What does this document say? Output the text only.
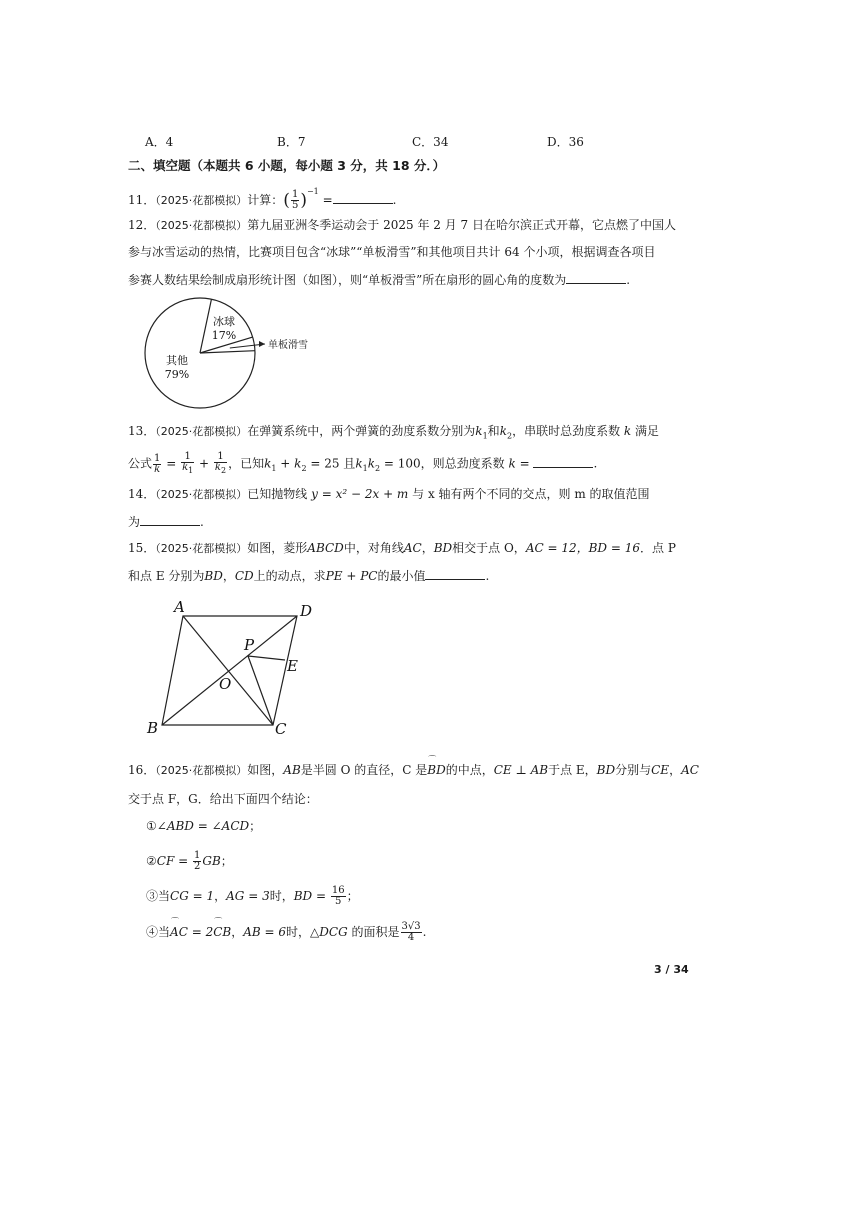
A．4	B．7	C．34	D．36
二、填空题（本题共 6 小题，每小题 3 分，共 18 分．）
11．（2025·花都模拟）计算：( $\frac{1}{5} )^{-1}$ =	.
12．（2025·花都模拟）第九届亚洲冬季运动会于 2025 年 2 月 7 日在哈尔滨正式开幕，它点燃了中国人
参与冰雪运动的热情，比赛项目包含“冰球”“单板滑雪”和其他项目共计 64 个小项，根据调查各项目
参赛人数结果绘制成扇形统计图（如图），则“单板滑雪”所在扇形的圆心角的度数为	.
冰球
17%
其他
79%
单板滑雪
13．（2025·花都模拟）在弹簧系统中，两个弹簧的劲度系数分别为$k_1$和$k_2$，串联时总劲度系数 k 满足
公式 $\frac{1}{k} = \frac{1}{k_1} + \frac{1}{k_2}$ ，已知$k_1 + k_2 = 25$ 且$k_1k_2 = 100$，则总劲度系数 k =	.
14．（2025·花都模拟）已知抛物线 y = x² − 2x + m 与 x 轴有两个不同的交点，则 m 的取值范围
为	.
15．（2025·花都模拟）如图，菱形ABCD中，对角线AC，BD相交于点 O，AC = 12，BD = 16．点 P
和点 E 分别为BD，CD上的动点，求PE + PC的最小值	.
A	D
P
E
O
B	C
16．（2025·花都模拟）如图，AB是半圆 O 的直径，C 是⌒ BD的中点，CE ⊥ AB于点 E，BD分别与CE，AC
交于点 F，G．给出下面四个结论：
①∠ABD = ∠ACD；
②CF = $\frac{1}{2}$ GB；
③当CG = 1，AG = 3时，BD = $\frac{16}{5}$ ；
④当⌒ AC = 2⌒ CB，AB = 6时，△DCG 的面积是 $\frac{3√3}{4}$ .
3 / 34
